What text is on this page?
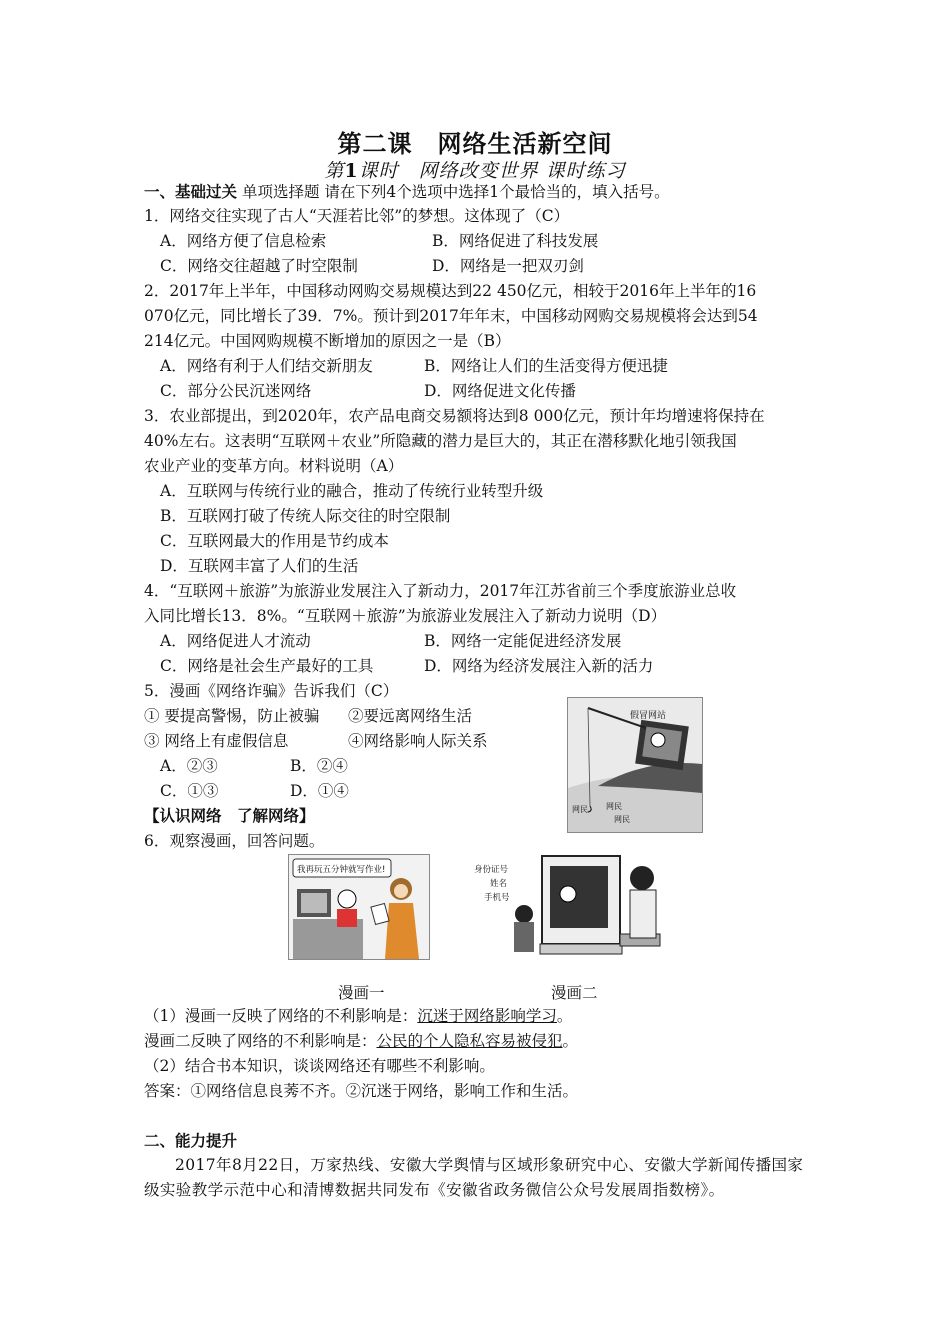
第二课　网络生活新空间
第1课时　网络改变世界 课时练习
一、基础过关 单项选择题 请在下列4个选项中选择1个最恰当的，填入括号。
1．网络交往实现了古人“天涯若比邻”的梦想。这体现了（C）
A．网络方便了信息检索	B．网络促进了科技发展
C．网络交往超越了时空限制	D．网络是一把双刃剑
2．2017年上半年，中国移动网购交易规模达到22 450亿元，相较于2016年上半年的16
070亿元，同比增长了39．7%。预计到2017年年末，中国移动网购交易规模将会达到54
214亿元。中国网购规模不断增加的原因之一是（B）
A．网络有利于人们结交新朋友	B．网络让人们的生活变得方便迅捷
C．部分公民沉迷网络	D．网络促进文化传播
3．农业部提出，到2020年，农产品电商交易额将达到8 000亿元，预计年均增速将保持在
40%左右。这表明“互联网＋农业”所隐藏的潜力是巨大的，其正在潜移默化地引领我国
农业产业的变革方向。材料说明（A）
A．互联网与传统行业的融合，推动了传统行业转型升级
B．互联网打破了传统人际交往的时空限制
C．互联网最大的作用是节约成本
D．互联网丰富了人们的生活
4．“互联网＋旅游”为旅游业发展注入了新动力，2017年江苏省前三个季度旅游业总收
入同比增长13．8%。“互联网＋旅游”为旅游业发展注入了新动力说明（D）
A．网络促进人才流动	B．网络一定能促进经济发展
C．网络是社会生产最好的工具	D．网络为经济发展注入新的活力
5．漫画《网络诈骗》告诉我们（C）
① 要提高警惕，防止被骗 ②要远离网络生活
③ 网络上有虚假信息	④网络影响人际关系
A．②③	B．②④
C．①③	D．①④
假冒网站
网民 网民
网民
【认识网络　了解网络】
6．观察漫画，回答问题。
我再玩五分钟就写作业!
漫画一
身份证号
姓名
手机号
漫画二
（1）漫画一反映了网络的不利影响是：沉迷于网络影响学习。
漫画二反映了网络的不利影响是：公民的个人隐私容易被侵犯。
（2）结合书本知识，谈谈网络还有哪些不利影响。
答案：①网络信息良莠不齐。②沉迷于网络，影响工作和生活。
二、能力提升
2017年8月22日，万家热线、安徽大学舆情与区域形象研究中心、安徽大学新闻传播国家级实验教学示范中心和清博数据共同发布《安徽省政务微信公众号发展周指数榜》。
